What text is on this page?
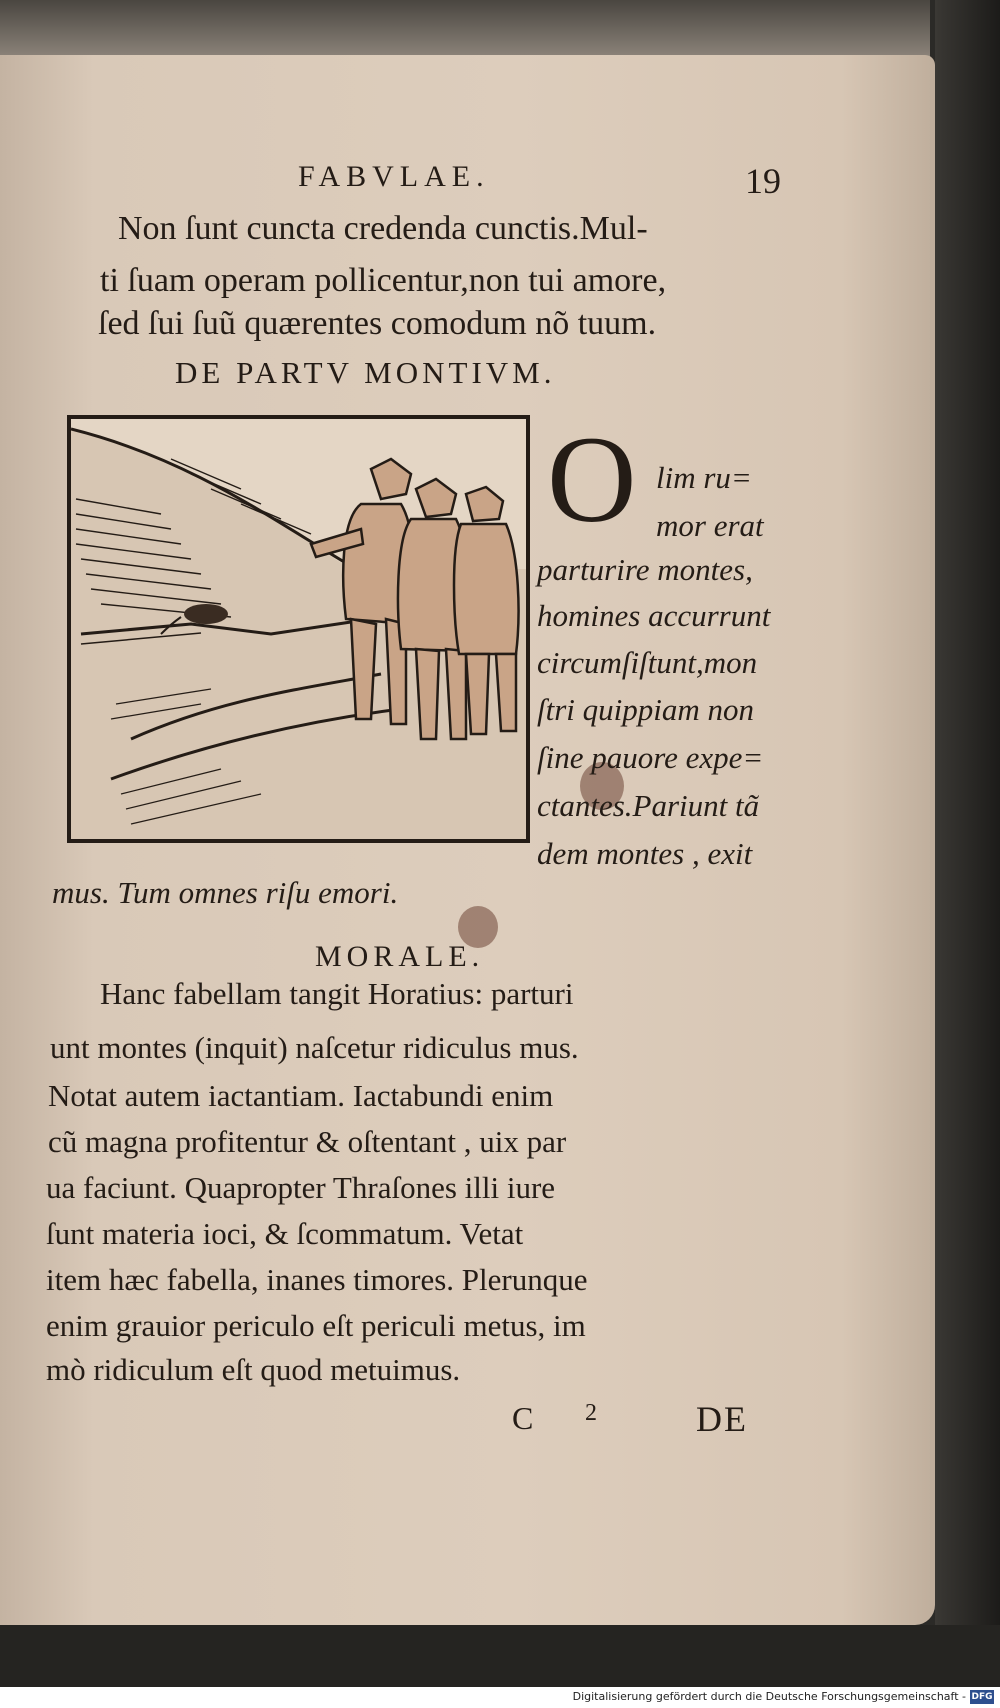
FABVLAE.	19
Non ſunt cuncta credenda cunctis.Mul-
ti ſuam operam pollicentur,non tui amore,
ſed ſui ſuũ quærentes comodum nõ tuum.
DE PARTV MONTIVM.
O lim ru=
mor erat
parturire montes,
homines accurrunt
circumſiſtunt,mon
ſtri quippiam non
ſine pauore expe=
ctantes.Pariunt tã
dem montes , exit
mus. Tum omnes riſu emori.
MORALE.
Hanc fabellam tangit Horatius: parturi
unt montes (inquit) naſcetur ridiculus mus.
Notat autem iactantiam. Iactabundi enim
cũ magna profitentur & oſtentant , uix par
ua faciunt. Quapropter Thraſones illi iure
ſunt materia ioci, & ſcommatum. Vetat
item hæc fabella, inanes timores. Plerunque
enim grauior periculo eſt periculi metus, im
mò ridiculum eſt quod metuimus.
C 2	DE
Digitalisierung gefördert durch die Deutsche Forschungsgemeinschaft - DFG
